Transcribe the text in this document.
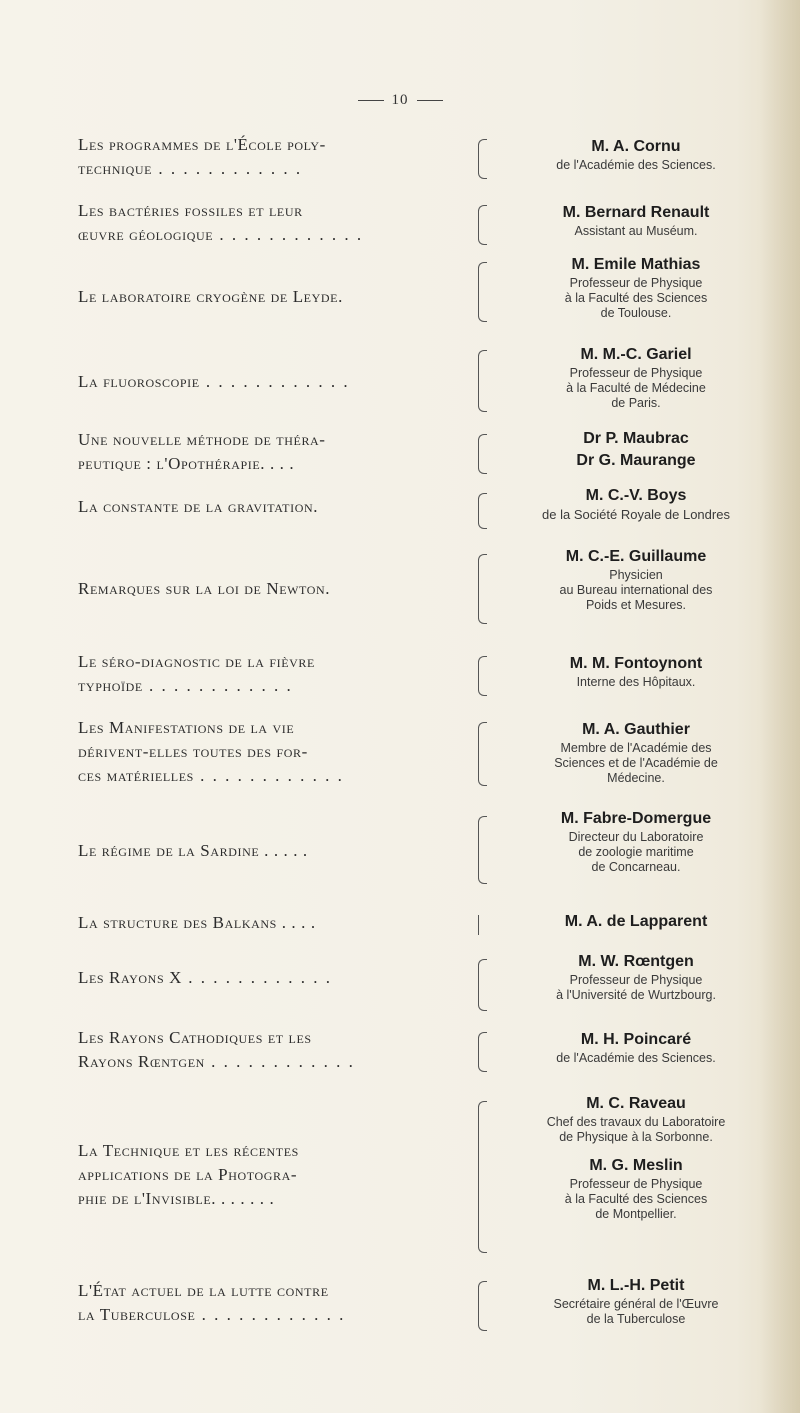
10
Les programmes de l'École poly-
technique . . .
M. A. Cornu
de l'Académie des Sciences.
Les bactéries fossiles et leur
œuvre géologique . . .
M. Bernard Renault
Assistant au Muséum.
Le laboratoire cryogène de Leyde.
M. Emile Mathias
Professeur de Physique
à la Faculté des Sciences
de Toulouse.
La fluoroscopie . . .
M. M.-C. Gariel
Professeur de Physique
à la Faculté de Médecine
de Paris.
Une nouvelle méthode de théra-
peutique : l'Opothérapie. . . .
Dr P. Maubrac
Dr G. Maurange
La constante de la gravitation.
M. C.-V. Boys
de la Société Royale de Londres
Remarques sur la loi de Newton.
M. C.-E. Guillaume
Physicien
au Bureau international des
Poids et Mesures.
Le séro-diagnostic de la fièvre
typhoïde . . .
M. M. Fontoynont
Interne des Hôpitaux.
Les Manifestations de la vie
dérivent-elles toutes des for-
ces matérielles . . .
M. A. Gauthier
Membre de l'Académie des
Sciences et de l'Académie de
Médecine.
Le régime de la Sardine . . . . .
M. Fabre-Domergue
Directeur du Laboratoire
de zoologie maritime
de Concarneau.
La structure des Balkans . . . .	M. A. de Lapparent
Les Rayons X . . .
M. W. Rœntgen
Professeur de Physique
à l'Université de Wurtzbourg.
Les Rayons Cathodiques et les
Rayons Rœntgen . . .
M. H. Poincaré
de l'Académie des Sciences.
La Technique et les récentes
applications de la Photogra-
phie de l'Invisible. . . . . . .
M. C. Raveau
Chef des travaux du Laboratoire
de Physique à la Sorbonne.
M. G. Meslin
Professeur de Physique
à la Faculté des Sciences
de Montpellier.
L'État actuel de la lutte contre
la Tuberculose . . .
M. L.-H. Petit
Secrétaire général de l'Œuvre
de la Tuberculose
